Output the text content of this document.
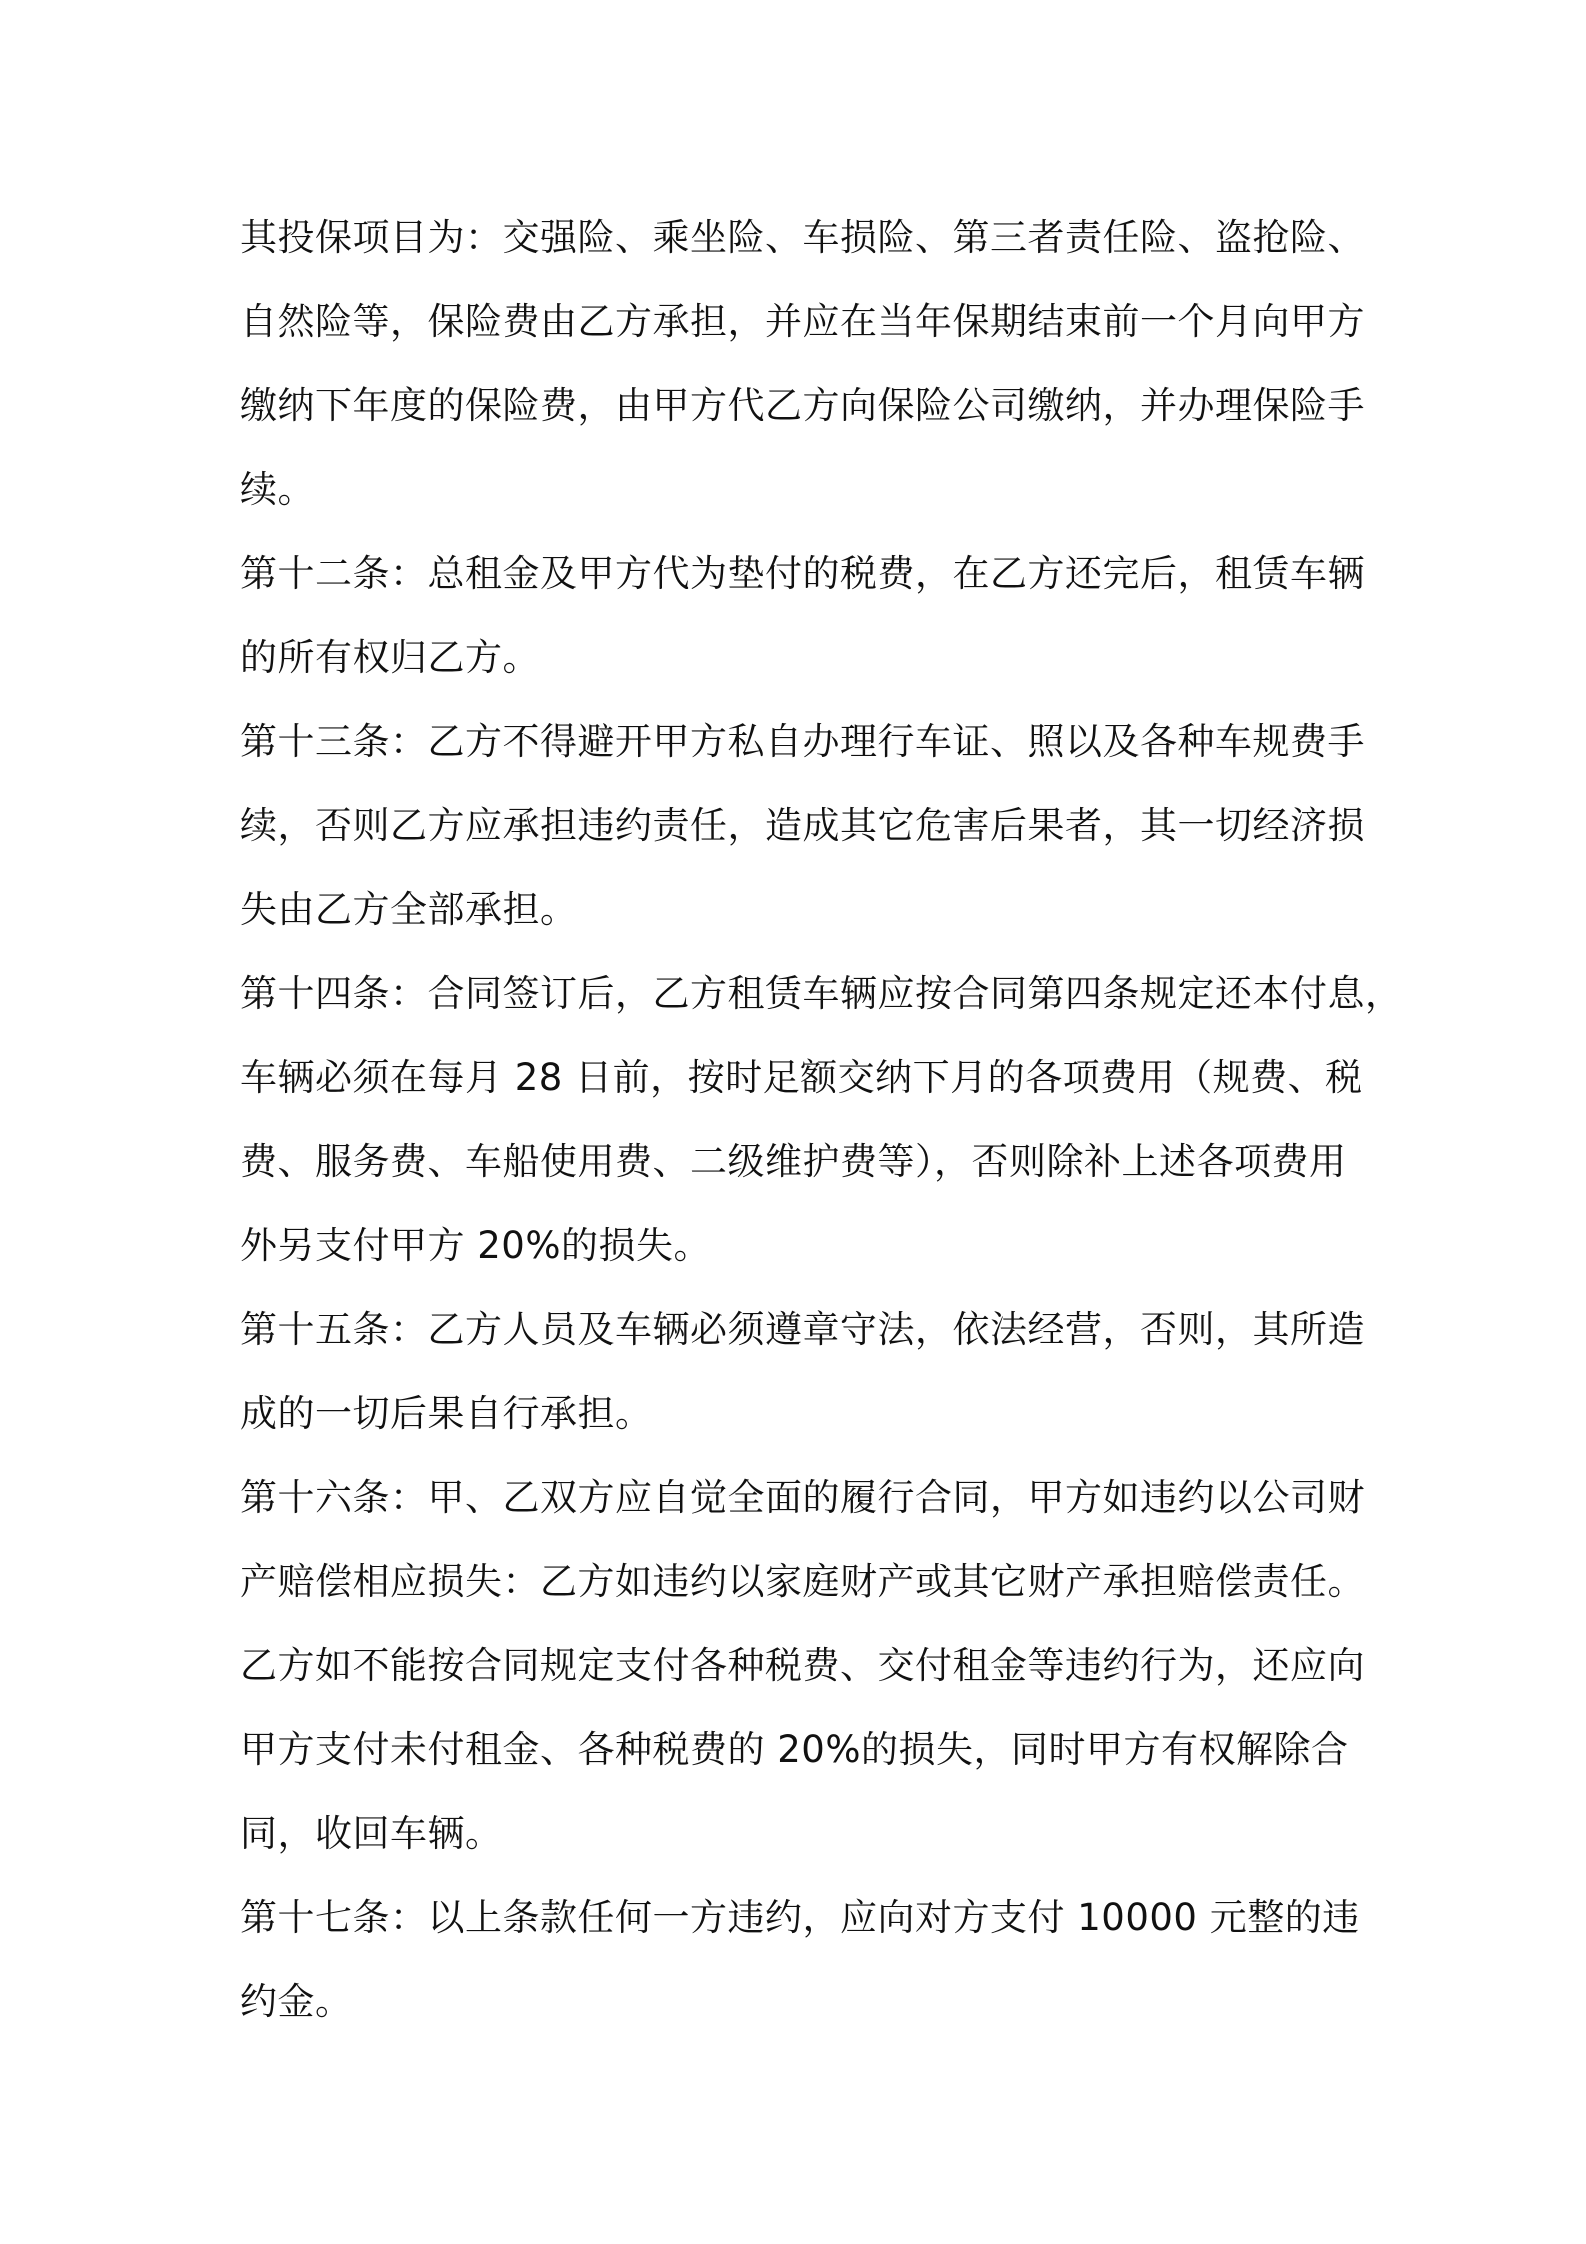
其投保项目为：交强险、乘坐险、车损险、第三者责任险、盗抢险、
自然险等，保险费由乙方承担，并应在当年保期结束前一个月向甲方
缴纳下年度的保险费，由甲方代乙方向保险公司缴纳，并办理保险手
续。

第十二条：总租金及甲方代为垫付的税费，在乙方还完后，租赁车辆
的所有权归乙方。

第十三条：乙方不得避开甲方私自办理行车证、照以及各种车规费手
续，否则乙方应承担违约责任，造成其它危害后果者，其一切经济损
失由乙方全部承担。

第十四条：合同签订后，乙方租赁车辆应按合同第四条规定还本付息，
车辆必须在每月 28 日前，按时足额交纳下月的各项费用（规费、税
费、服务费、车船使用费、二级维护费等），否则除补上述各项费用
外另支付甲方 20%的损失。

第十五条：乙方人员及车辆必须遵章守法，依法经营，否则，其所造
成的一切后果自行承担。

第十六条：甲、乙双方应自觉全面的履行合同，甲方如违约以公司财
产赔偿相应损失：乙方如违约以家庭财产或其它财产承担赔偿责任。
乙方如不能按合同规定支付各种税费、交付租金等违约行为，还应向
甲方支付未付租金、各种税费的 20%的损失，同时甲方有权解除合
同，收回车辆。

第十七条：以上条款任何一方违约，应向对方支付 10000 元整的违
约金。
